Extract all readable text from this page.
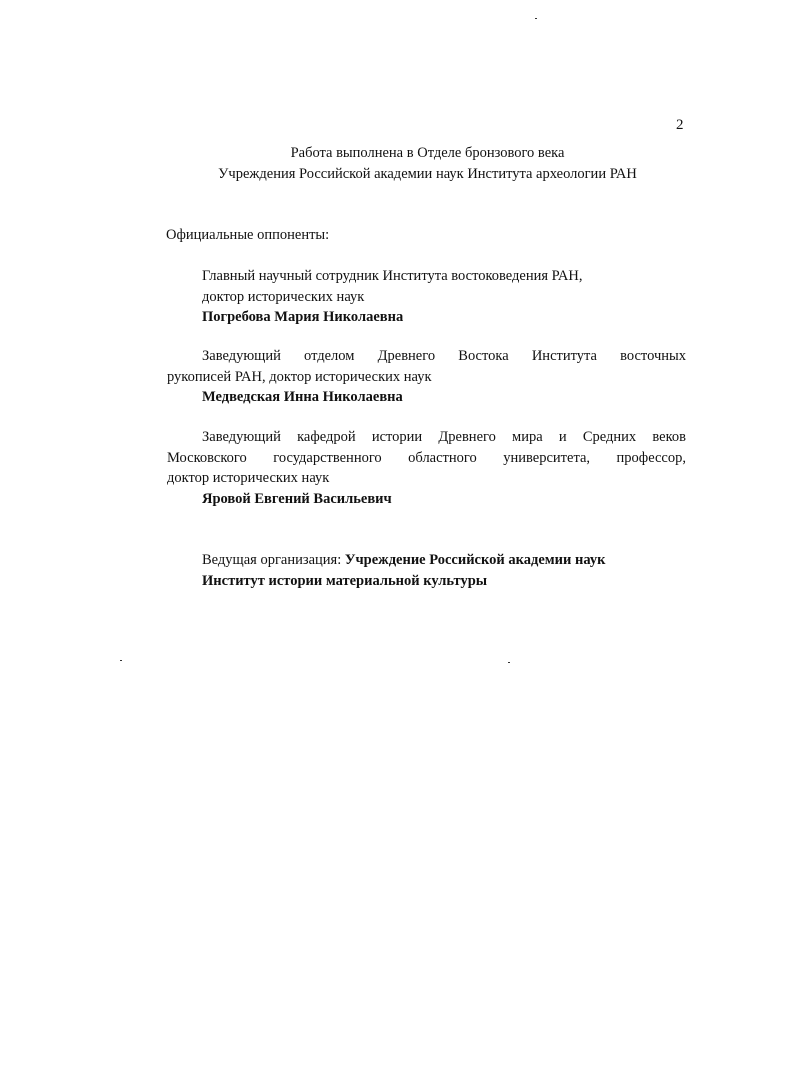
2
Работа выполнена в Отделе бронзового века
Учреждения Российской академии наук Института археологии РАН
Официальные оппоненты:
Главный научный сотрудник Института востоковедения РАН,
доктор исторических наук
Погребова Мария Николаевна
Заведующий отделом Древнего Востока Института восточных
рукописей РАН, доктор исторических наук
Медведская Инна Николаевна
Заведующий кафедрой истории Древнего мира и Средних веков
Московского государственного областного университета, профессор,
доктор исторических наук
Яровой Евгений Васильевич
Ведущая организация: Учреждение Российской академии наук
Институт истории материальной культуры
